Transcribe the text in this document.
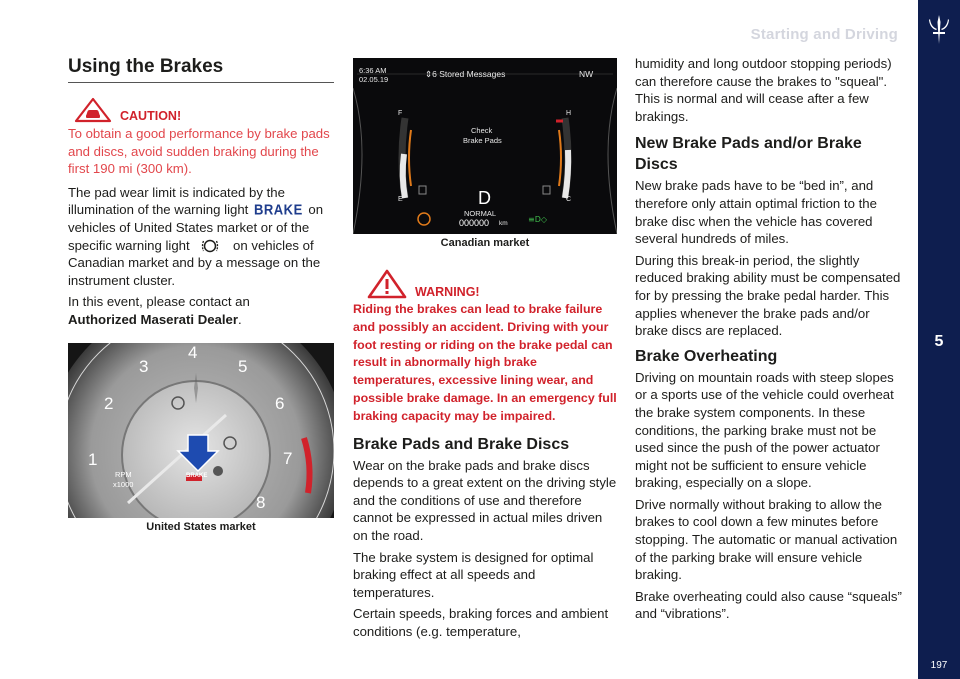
Starting and Driving
5
197
Using the Brakes
CAUTION!

To obtain a good performance by brake pads and discs, avoid sudden braking during the first 190 mi (300 km).

The pad wear limit is indicated by the illumination of the warning light BRAKE on vehicles of United States market or of the specific warning light	on vehicles of Canadian market and by a message on the instrument cluster.

In this event, please contact an
Authorized Maserati Dealer.

1
2
3
4
5
6
7
8
RPM
x1000
BRAKE
United States market
≡D◇
6:36 AM
02.05.19
⇕6 Stored Messages	NW
Check
Brake Pads
D
NORMAL
000000 km
F
E
H
C
Canadian market
WARNING!

Riding the brakes can lead to brake failure and possibly an accident. Driving with your foot resting or riding on the brake pedal can result in abnormally high brake temperatures, excessive lining wear, and possible brake damage. In an emergency full braking capacity may be impaired.

Brake Pads and Brake Discs

Wear on the brake pads and brake discs depends to a great extent on the driving style and the conditions of use and therefore cannot be expressed in actual miles driven on the road.

The brake system is designed for optimal braking effect at all speeds and temperatures.

Certain speeds, braking forces and ambient conditions (e.g. temperature,

humidity and long outdoor stopping periods) can therefore cause the brakes to "squeal". This is normal and will cease after a few brakings.

New Brake Pads and/or Brake Discs

New brake pads have to be “bed in”, and therefore only attain optimal friction to the brake disc when the vehicle has covered several hundreds of miles.

During this break-in period, the slightly reduced braking ability must be compensated for by pressing the brake pedal harder. This applies whenever the brake pads and/or brake discs are replaced.

Brake Overheating

Driving on mountain roads with steep slopes or a sports use of the vehicle could overheat the brake system components. In these conditions, the parking brake must not be used since the push of the power actuator might not be sufficient to ensure vehicle braking, especially on a slope.

Drive normally without braking to allow the brakes to cool down a few minutes before stopping. The automatic or manual activation of the parking brake will ensure vehicle braking.

Brake overheating could also cause “squeals” and “vibrations”.
